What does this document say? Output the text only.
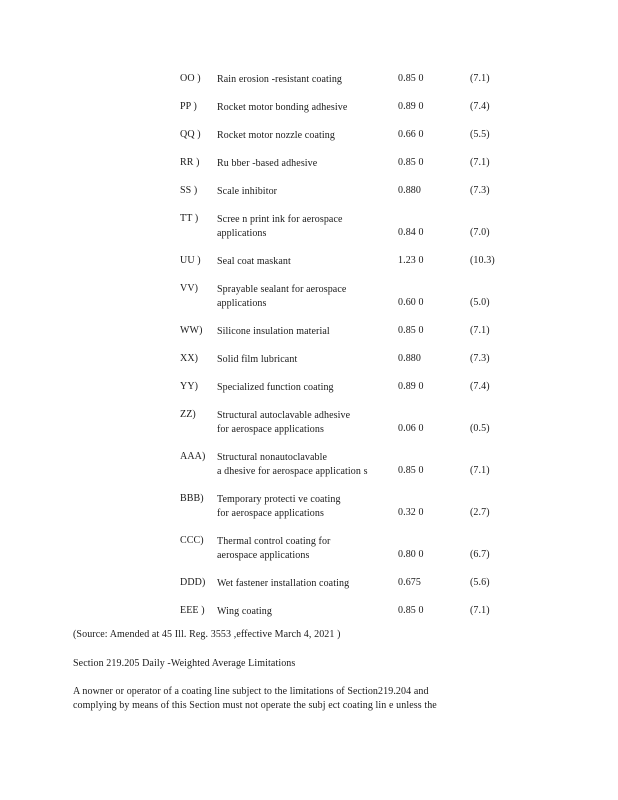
OO )	Rain erosion -resistant coating	0.85 0	(7.1)
PP )	Rocket motor bonding adhesive	0.89 0	(7.4)
QQ )	Rocket motor nozzle coating	0.66 0	(5.5)
RR )	Ru bber -based adhesive	0.85 0	(7.1)
SS )	Scale inhibitor	0.880	(7.3)
TT )	Scree n print ink for aerospace
applications	0.84 0	(7.0)
UU )	Seal coat maskant	1.23 0	(10.3)
VV)	Sprayable sealant for aerospace
applications	0.60 0	(5.0)
WW)	Silicone insulation material	0.85 0	(7.1)
XX)	Solid film lubricant	0.880	(7.3)
YY)	Specialized function coating	0.89 0	(7.4)
ZZ)	Structural autoclavable adhesive
for aerospace applications	0.06 0	(0.5)
AAA)	Structural nonautoclavable
a dhesive for aerospace application s	0.85 0	(7.1)
BBB)	Temporary protecti ve coating
for aerospace applications	0.32 0	(2.7)
CCC)	Thermal control coating for
aerospace applications	0.80 0	(6.7)
DDD)	Wet fastener installation coating	0.675	(5.6)
EEE )	Wing coating	0.85 0	(7.1)
(Source: Amended at 45 Ill. Reg. 3553 ,effective March 4, 2021 )
Section 219.205 Daily -Weighted Average Limitations
A nowner or operator of a coating line subject to the limitations of Section219.204 and
complying by means of this Section must not operate the subj ect coating lin e unless the
